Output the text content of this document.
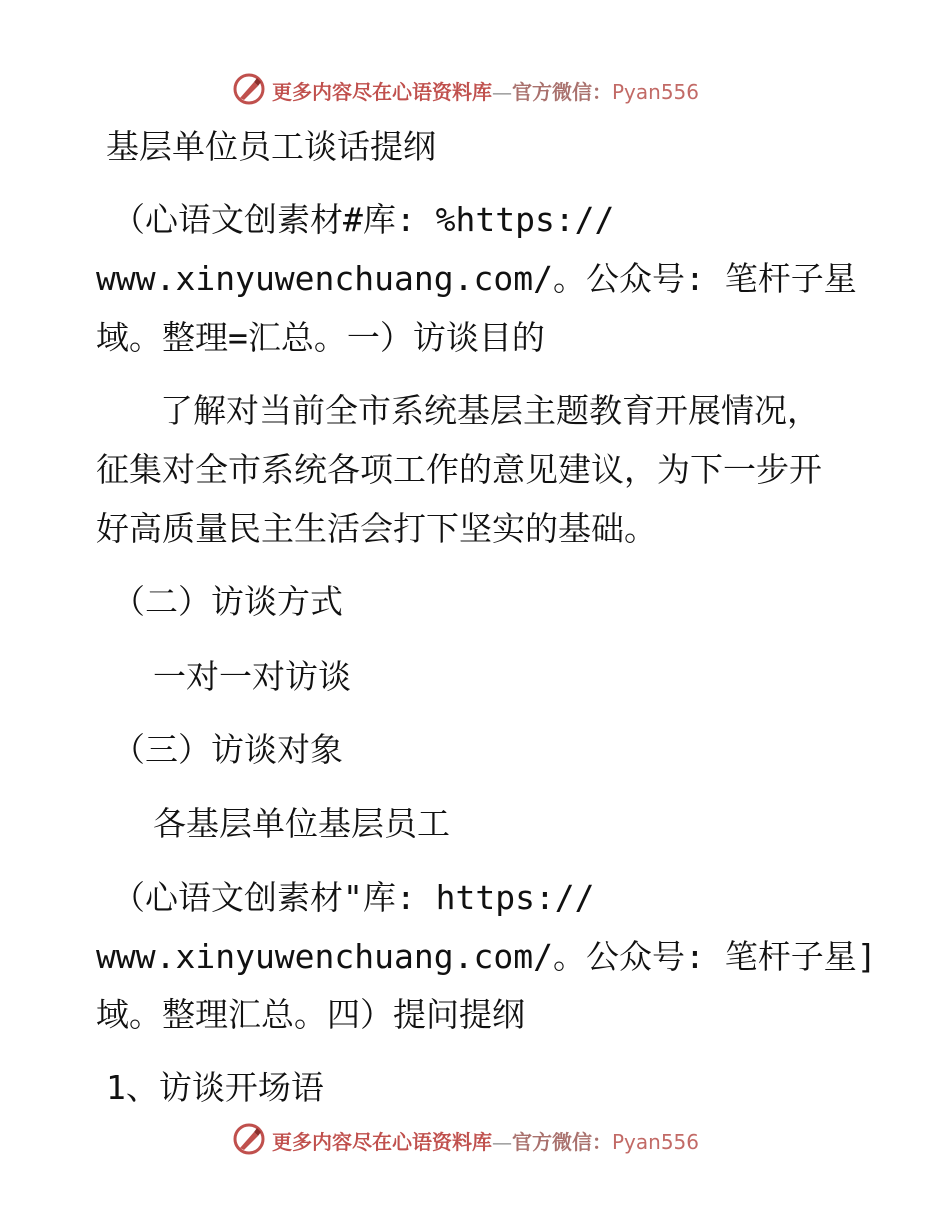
更多内容尽在心语资料库—官方微信：Pyan556
基层单位员工谈话提纲
（心语文创素材#库: %https://
www.xinyuwenchuang.com/。公众号: 笔杆子星
域。整理=汇总。一）访谈目的
了解对当前全市系统基层主题教育开展情况，
征集对全市系统各项工作的意见建议，为下一步开
好高质量民主生活会打下坚实的基础。
（二）访谈方式
一对一对访谈
（三）访谈对象
各基层单位基层员工
（心语文创素材"库: https://
www.xinyuwenchuang.com/。公众号: 笔杆子星]
域。整理汇总。四）提问提纲
1、访谈开场语
更多内容尽在心语资料库—官方微信：Pyan556
